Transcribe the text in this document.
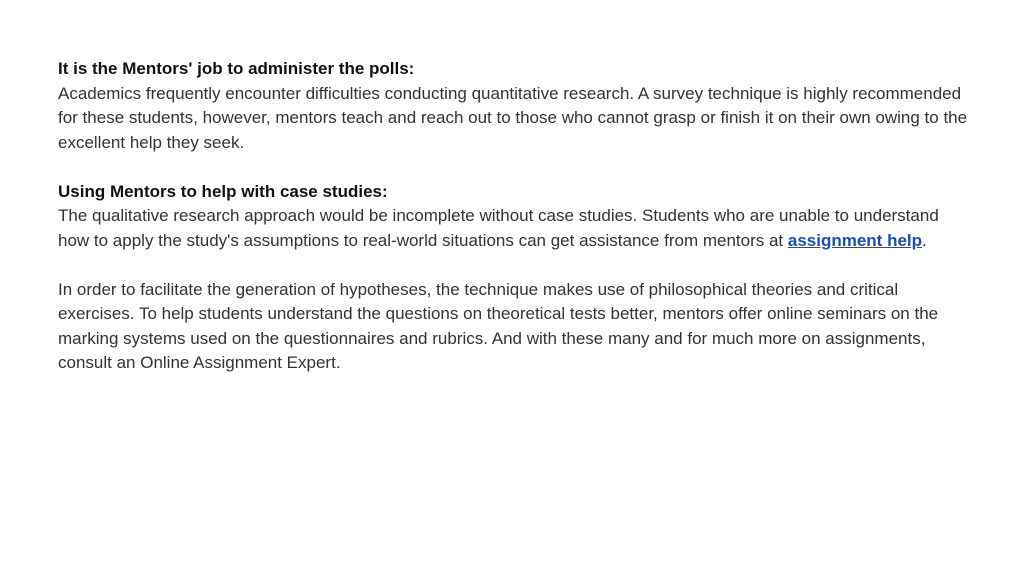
It is the Mentors' job to administer the polls:
Academics frequently encounter difficulties conducting quantitative research. A survey technique is highly recommended for these students, however, mentors teach and reach out to those who cannot grasp or finish it on their own owing to the excellent help they seek.

Using Mentors to help with case studies:
The qualitative research approach would be incomplete without case studies. Students who are unable to understand how to apply the study's assumptions to real-world situations can get assistance from mentors at assignment help.

In order to facilitate the generation of hypotheses, the technique makes use of philosophical theories and critical exercises. To help students understand the questions on theoretical tests better, mentors offer online seminars on the marking systems used on the questionnaires and rubrics. And with these many and for much more on assignments, consult an Online Assignment Expert.
